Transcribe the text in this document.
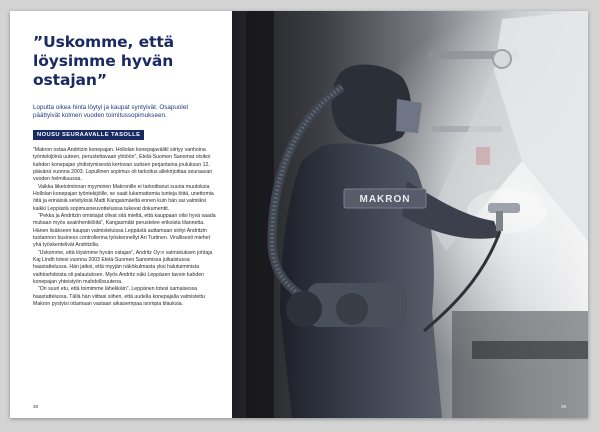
”Uskomme, että löysimme hyvän ostajan”

Loputta oikea hinta löytyi ja kaupat syntyivät. Osapuolet päättyivät kolmen vuoden toimitussopimukseen.

NOUSU SEURAAVALLE TASOLLE

”Makron ostaa Andritzin konepajan. Hollolan konepajavälikl siirtyy vanhoina työntekijöinä uuteen, perustettavaan yhtiöön”, Etelä-Suomen Sanomat otsikoi kahden konepajan yhdistymisestä kertovan uutisen perjantaina joulukuun 12. päivänä vuonna 2003. Lopullinen sopimus oli tarkoitus allekirjoittaa seuraavan vuoden helmikuussa.

Vaikka liiketoiminnan myyminen Makronille ei tarkoittanut suuria muutoksia Hollolan konepajan työntekijöille, se vaati lukemattomia tunteja töitä, unettomia öitä ja erinäisiä selvityksiä Matti Kangasmäeltä ennen kuin hän sai valmiiksi kaikki Leppästä sopimusneuvotteluissa tukevat dokumentit.

”Pekka ja Andritzin omistajat olivat sitä mieltä, että kauppaan oilsi hyvä saada mukaan myös avainhenkilöitä”, Kangasmäki perustelee erikoista tilannetta. Hänen lisäkseen kaupan valmisteluissa Leppästä auttamaan siirtyi Andritzin tuotannon business controllerina työskennellyt Ari Turtinen. Virallisesti miehet yhä työskentelivät Andritzilla.

”Uskomme, että löysimme hyvän ostajan”, Andritz Oy:n valmistuksen johtaja Kaj Lindh totesi vuonna 2003 Etelä-Suomen Sanomissa julkaistussa haastattelussa. Hän jatkoi, että myyjän näkökulmasta yksi halutuimmista vaihtoehdoista oli palautuksen. Myös Andritz näki Leppäsen tavoin kahden konepajan yhteistyön mahdollisuutena.

”On suuri etu, että toimimme lähekkäin”, Leppänen totesi samaisessa haastattelussa. Tällä hän viittasi siihen, että uudella konepajalla valmistettu Makron pystyisi ottamaan vastaan aikaisempaa isompia tilauksia.

38
MAKRON
39
